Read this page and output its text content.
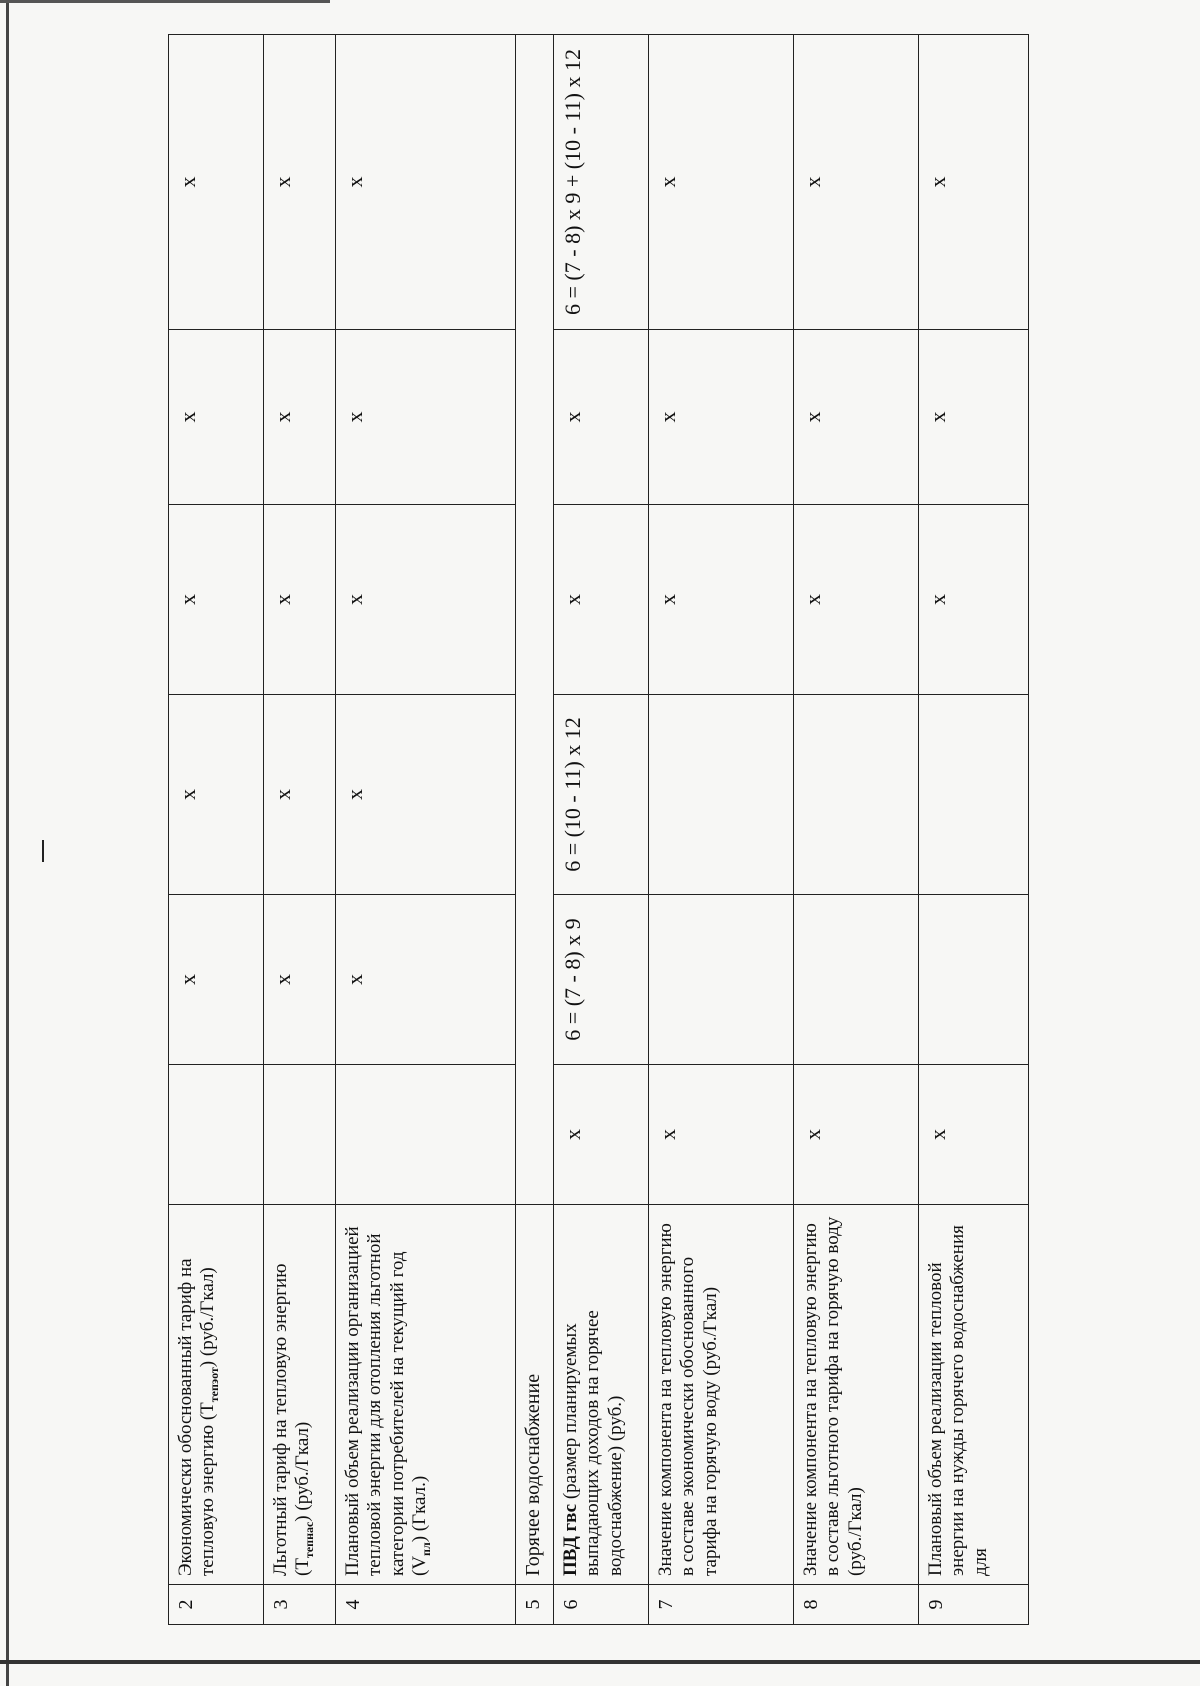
2	Экономически обоснованный тариф на тепловую энергию $(Т_{тепэот})$ (руб./Гкал)		x	x	x	x	x
3	Льготный тариф на тепловую энергию $(Т_{тепнас})$ (руб./Гкал)		x	x	x	x	x
4	Плановый объем реализации организацией тепловой энергии для отопления льготной категории потребителей на текущий год $(V_{пл})$ (Гкал.)		x	x	x	x	x
5	Горячее водоснабжение						
6	ПВД гвс (размер планируемых выпадающих доходов на горячее водоснабжение) (руб.)	x	6 = (7 - 8) x 9	6 = (10 - 11) x 12	x	x	6 = (7 - 8) x 9 + (10 - 11) x 12
7	Значение компонента на тепловую энергию в составе экономически обоснованного тарифа на горячую воду (руб./Гкал)	x			x	x	x
8	Значение компонента на тепловую энергию в составе льготного тарифа на горячую воду (руб./Гкал)	x			x	x	x
9	Плановый объем реализации тепловой энергии на нужды горячего водоснабжения для	x			x	x	x
